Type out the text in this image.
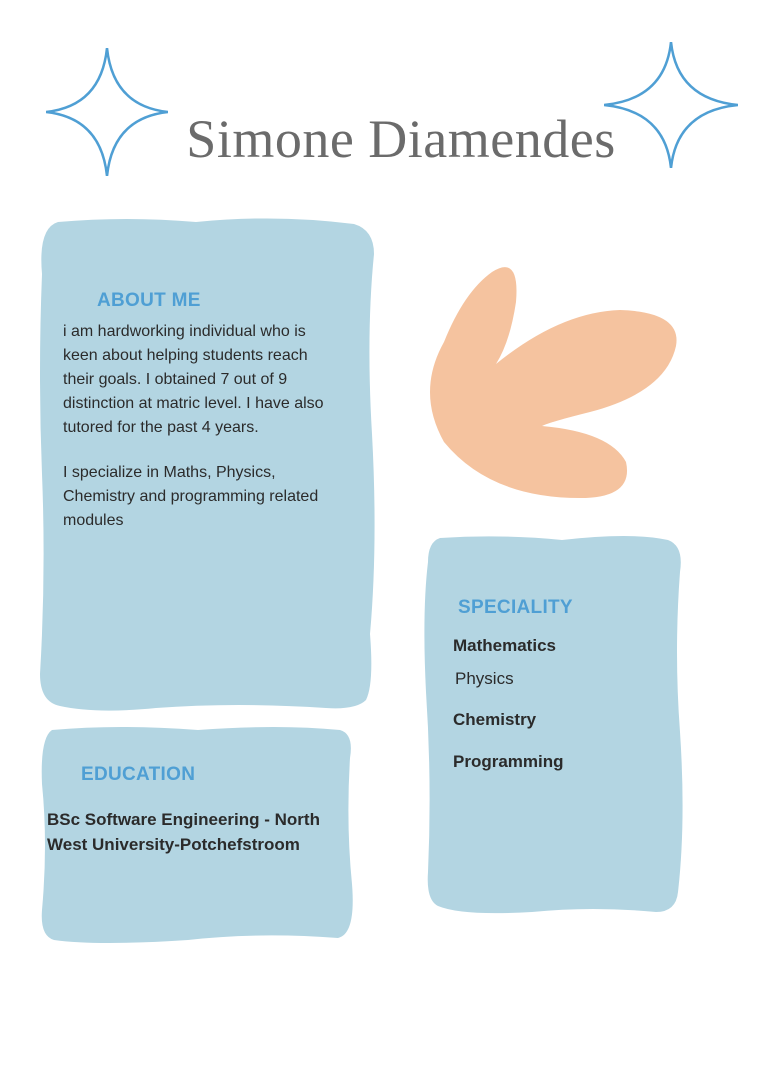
Simone Diamendes
ABOUT ME
i am hardworking individual who is
keen about helping students reach
their goals. I obtained 7 out of 9
distinction at matric level. I have also
tutored for the past 4 years.
I specialize in Maths, Physics,
Chemistry and programming related
modules
SPECIALITY
Mathematics
Physics
Chemistry
Programming
EDUCATION
BSc Software Engineering - North
West University-Potchefstroom
